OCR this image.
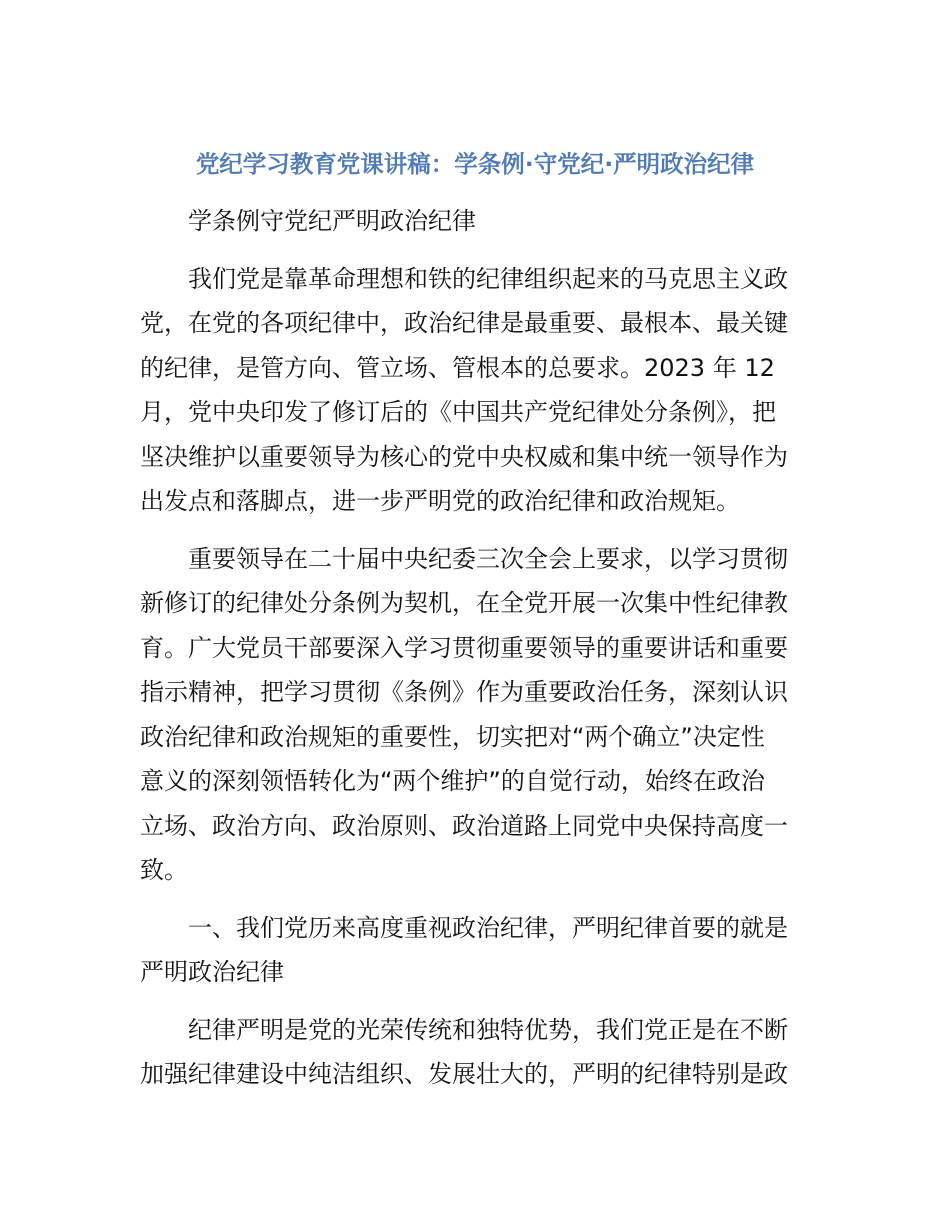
党纪学习教育党课讲稿：学条例·守党纪·严明政治纪律
学条例守党纪严明政治纪律
我们党是靠革命理想和铁的纪律组织起来的马克思主义政
党，在党的各项纪律中，政治纪律是最重要、最根本、最关键
的纪律，是管方向、管立场、管根本的总要求。2023 年 12
月，党中央印发了修订后的《中国共产党纪律处分条例》，把
坚决维护以重要领导为核心的党中央权威和集中统一领导作为
出发点和落脚点，进一步严明党的政治纪律和政治规矩。
重要领导在二十届中央纪委三次全会上要求，以学习贯彻
新修订的纪律处分条例为契机，在全党开展一次集中性纪律教
育。广大党员干部要深入学习贯彻重要领导的重要讲话和重要
指示精神，把学习贯彻《条例》作为重要政治任务，深刻认识
政治纪律和政治规矩的重要性，切实把对“两个确立”决定性
意义的深刻领悟转化为“两个维护”的自觉行动，始终在政治
立场、政治方向、政治原则、政治道路上同党中央保持高度一
致。
一、我们党历来高度重视政治纪律，严明纪律首要的就是
严明政治纪律
纪律严明是党的光荣传统和独特优势，我们党正是在不断
加强纪律建设中纯洁组织、发展壮大的，严明的纪律特别是政
